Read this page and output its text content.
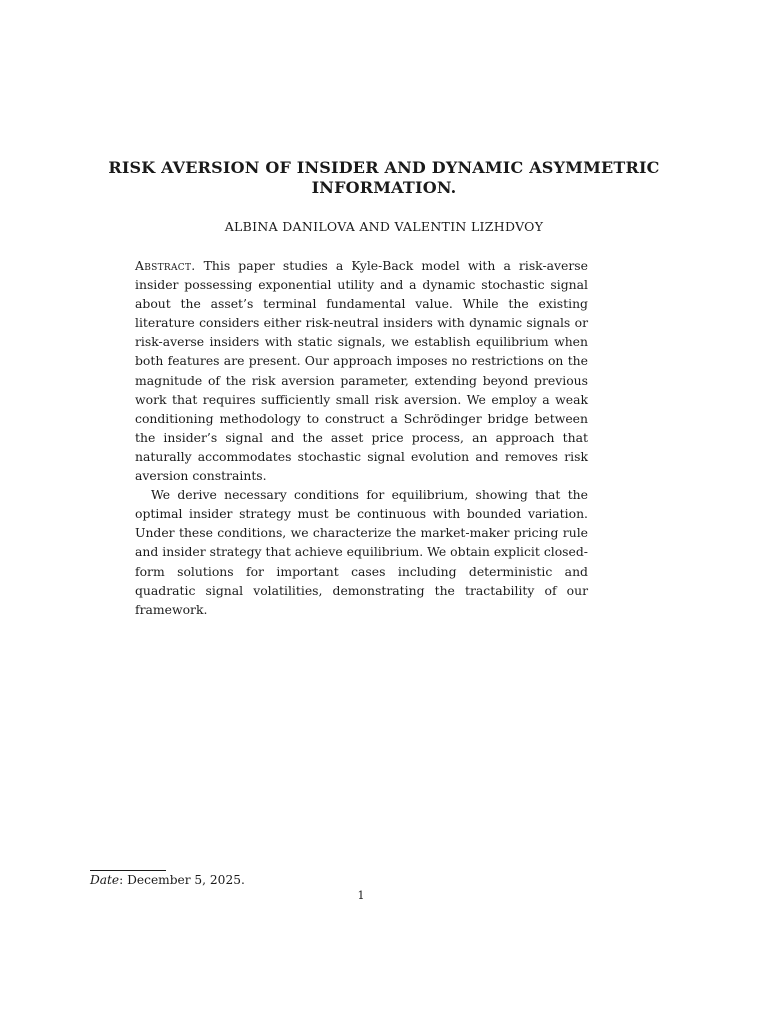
RISK AVERSION OF INSIDER AND DYNAMIC ASYMMETRIC
INFORMATION.
ALBINA DANILOVA AND VALENTIN LIZHDVOY

Abstract. This paper studies a Kyle-Back model with a risk-averse insider possessing exponential utility and a dynamic stochastic signal about the asset’s terminal fundamental value. While the existing literature considers either risk-neutral insiders with dynamic signals or risk-averse insiders with static signals, we establish equilibrium when both features are present. Our approach imposes no restrictions on the magnitude of the risk aversion parameter, extending beyond previous work that requires sufficiently small risk aversion. We employ a weak conditioning methodology to construct a Schrödinger bridge between the insider’s signal and the asset price process, an approach that naturally accommodates stochastic signal evolution and removes risk aversion constraints.

We derive necessary conditions for equilibrium, showing that the optimal insider strategy must be continuous with bounded variation. Under these conditions, we characterize the market-maker pricing rule and insider strategy that achieve equilibrium. We obtain explicit closed-form solutions for important cases including deterministic and quadratic signal volatilities, demonstrating the tractability of our framework.

Date: December 5, 2025.
1
